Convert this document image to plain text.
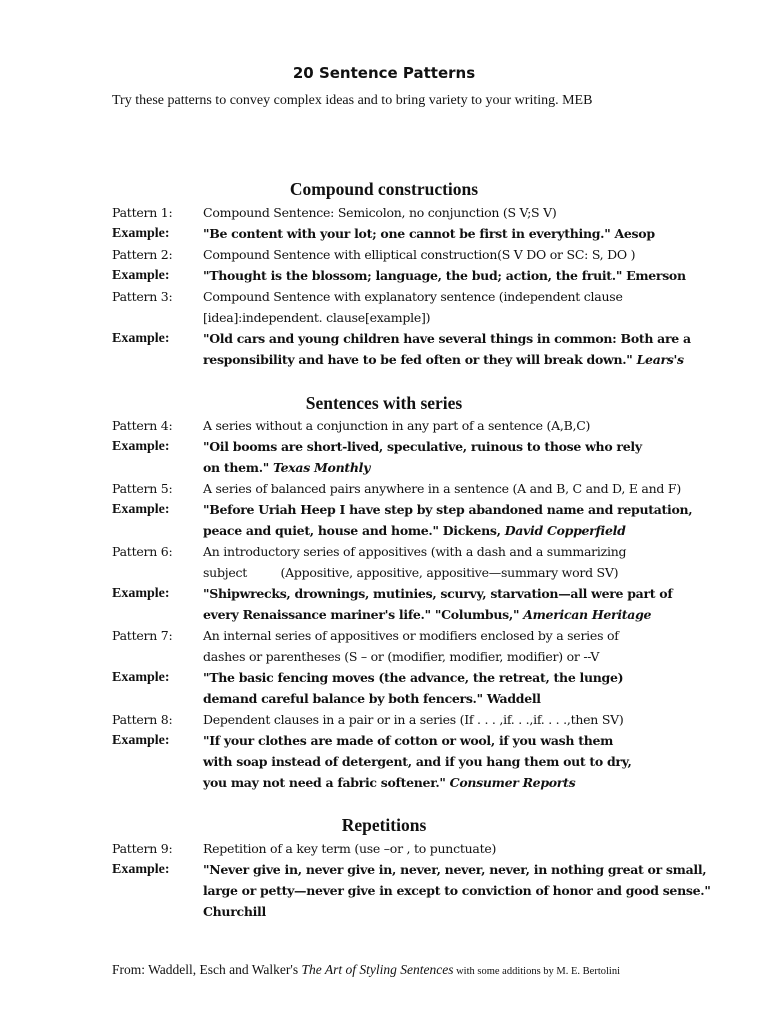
20 Sentence Patterns
Try these patterns to convey complex ideas and to bring variety to your writing. MEB
Compound constructions
Pattern 1:	Compound Sentence: Semicolon, no conjunction (S V;S V)
Example:	"Be content with your lot; one cannot be first in everything." Aesop
Pattern 2:	Compound Sentence with elliptical construction(S V DO or SC: S, DO )
Example:	"Thought is the blossom; language, the bud; action, the fruit." Emerson
Pattern 3:	Compound Sentence with explanatory sentence (independent clause
[idea]:independent. clause[example])
Example:	"Old cars and young children have several things in common: Both are a
responsibility and have to be fed often or they will break down." Lears's
Sentences with series
Pattern 4:	A series without a conjunction in any part of a sentence (A,B,C)
Example:	"Oil booms are short-lived, speculative, ruinous to those who rely
on them." Texas Monthly
Pattern 5:	A series of balanced pairs anywhere in a sentence (A and B, C and D, E and F)
Example:	"Before Uriah Heep I have step by step abandoned name and reputation,
peace and quiet, house and home." Dickens, David Copperfield
Pattern 6:	An introductory series of appositives (with a dash and a summarizing
subject         (Appositive, appositive, appositive—summary word SV)
Example:	"Shipwrecks, drownings, mutinies, scurvy, starvation—all were part of
every Renaissance mariner's life." "Columbus," American Heritage
Pattern 7:	An internal series of appositives or modifiers enclosed by a series of
dashes or parentheses (S – or (modifier, modifier, modifier) or --V
Example:	"The basic fencing moves (the advance, the retreat, the lunge)
demand careful balance by both fencers." Waddell
Pattern 8:	Dependent clauses in a pair or in a series (If . . . ,if. . .,if. . . .,then SV)
Example:	"If your clothes are made of cotton or wool, if you wash them
with soap instead of detergent, and if you hang them out to dry,
you may not need a fabric softener." Consumer Reports
Repetitions
Pattern 9:	Repetition of a key term (use –or , to punctuate)
Example:	"Never give in, never give in, never, never, never, in nothing great or small,
large or petty—never give in except to conviction of honor and good sense."
Churchill
From: Waddell, Esch and Walker's The Art of Styling Sentences with some additions by M. E. Bertolini
